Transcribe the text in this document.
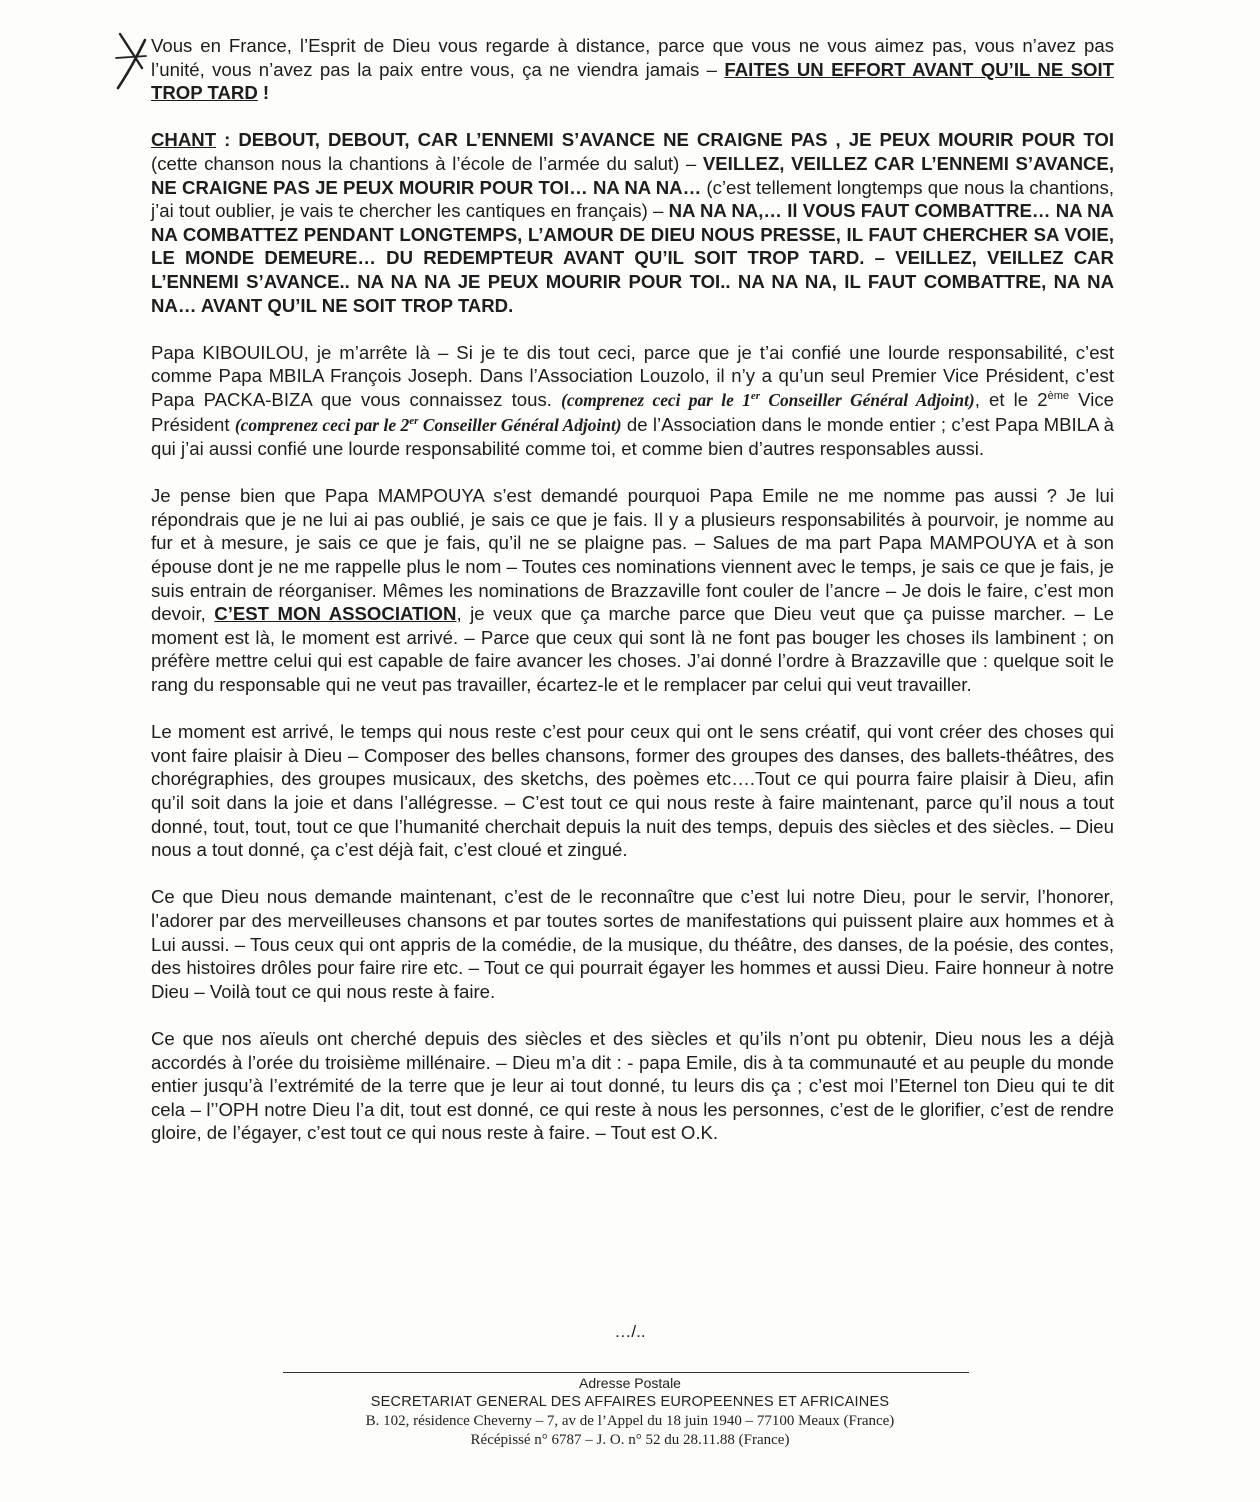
Vous en France, l’Esprit de Dieu vous regarde à distance, parce que vous ne vous aimez pas, vous n’avez pas l’unité, vous n’avez pas la paix entre vous, ça ne viendra jamais – FAITES UN EFFORT AVANT QU’IL NE SOIT TROP TARD !

CHANT : DEBOUT, DEBOUT, CAR L’ENNEMI S’AVANCE NE CRAIGNE PAS , JE PEUX MOURIR POUR TOI (cette chanson nous la chantions à l’école de l’armée du salut) – VEILLEZ, VEILLEZ CAR L’ENNEMI S’AVANCE, NE CRAIGNE PAS JE PEUX MOURIR POUR TOI… NA NA NA… (c’est tellement longtemps que nous la chantions, j’ai tout oublier, je vais te chercher les cantiques en français) – NA NA NA,… Il VOUS FAUT COMBATTRE… NA NA NA COMBATTEZ PENDANT LONGTEMPS, L’AMOUR DE DIEU NOUS PRESSE, IL FAUT CHERCHER SA VOIE, LE MONDE DEMEURE… DU REDEMPTEUR AVANT QU’IL SOIT TROP TARD. – VEILLEZ, VEILLEZ CAR L’ENNEMI S’AVANCE.. NA NA NA JE PEUX MOURIR POUR TOI.. NA NA NA, IL FAUT COMBATTRE, NA NA NA… AVANT QU’IL NE SOIT TROP TARD.

Papa KIBOUILOU, je m’arrête là – Si je te dis tout ceci, parce que je t’ai confié une lourde responsabilité, c’est comme Papa MBILA François Joseph. Dans l’Association Louzolo, il n’y a qu’un seul Premier Vice Président, c’est Papa PACKA-BIZA que vous connaissez tous. (comprenez ceci par le 1er Conseiller Général Adjoint), et le 2ème Vice Président (comprenez ceci par le 2er Conseiller Général Adjoint) de l’Association dans le monde entier ; c’est Papa MBILA à qui j’ai aussi confié une lourde responsabilité comme toi, et comme bien d’autres responsables aussi.

Je pense bien que Papa MAMPOUYA s’est demandé pourquoi Papa Emile ne me nomme pas aussi ? Je lui répondrais que je ne lui ai pas oublié, je sais ce que je fais. Il y a plusieurs responsabilités à pourvoir, je nomme au fur et à mesure, je sais ce que je fais, qu’il ne se plaigne pas. – Salues de ma part Papa MAMPOUYA et à son épouse dont je ne me rappelle plus le nom – Toutes ces nominations viennent avec le temps, je sais ce que je fais, je suis entrain de réorganiser. Mêmes les nominations de Brazzaville font couler de l’ancre – Je dois le faire, c’est mon devoir, C’EST MON ASSOCIATION, je veux que ça marche parce que Dieu veut que ça puisse marcher. – Le moment est là, le moment est arrivé. – Parce que ceux qui sont là ne font pas bouger les choses ils lambinent ; on préfère mettre celui qui est capable de faire avancer les choses. J’ai donné l’ordre à Brazzaville que : quelque soit le rang du responsable qui ne veut pas travailler, écartez-le et le remplacer par celui qui veut travailler.

Le moment est arrivé, le temps qui nous reste c’est pour ceux qui ont le sens créatif, qui vont créer des choses qui vont faire plaisir à Dieu – Composer des belles chansons, former des groupes des danses, des ballets-théâtres, des chorégraphies, des groupes musicaux, des sketchs, des poèmes etc….Tout ce qui pourra faire plaisir à Dieu, afin qu’il soit dans la joie et dans l’allégresse. – C’est tout ce qui nous reste à faire maintenant, parce qu’il nous a tout donné, tout, tout, tout ce que l’humanité cherchait depuis la nuit des temps, depuis des siècles et des siècles. – Dieu nous a tout donné, ça c’est déjà fait, c’est cloué et zingué.

Ce que Dieu nous demande maintenant, c’est de le reconnaître que c’est lui notre Dieu, pour le servir, l’honorer, l’adorer par des merveilleuses chansons et par toutes sortes de manifestations qui puissent plaire aux hommes et à Lui aussi. – Tous ceux qui ont appris de la comédie, de la musique, du théâtre, des danses, de la poésie, des contes, des histoires drôles pour faire rire etc. – Tout ce qui pourrait égayer les hommes et aussi Dieu. Faire honneur à notre Dieu – Voilà tout ce qui nous reste à faire.

Ce que nos aïeuls ont cherché depuis des siècles et des siècles et qu’ils n’ont pu obtenir, Dieu nous les a déjà accordés à l’orée du troisième millénaire. – Dieu m’a dit : - papa Emile, dis à ta communauté et au peuple du monde entier jusqu’à l’extrémité de la terre que je leur ai tout donné, tu leurs dis ça ; c’est moi l’Eternel ton Dieu qui te dit cela – l’’OPH notre Dieu l’a dit, tout est donné, ce qui reste à nous les personnes, c’est de le glorifier, c’est de rendre gloire, de l’égayer, c’est tout ce qui nous reste à faire. – Tout est O.K.

…/..
Adresse Postale
SECRETARIAT GENERAL DES AFFAIRES EUROPEENNES ET AFRICAINES
B. 102, résidence Cheverny – 7, av de l’Appel du 18 juin 1940 – 77100 Meaux (France)
Récépissé n° 6787 – J. O. n° 52 du 28.11.88 (France)
